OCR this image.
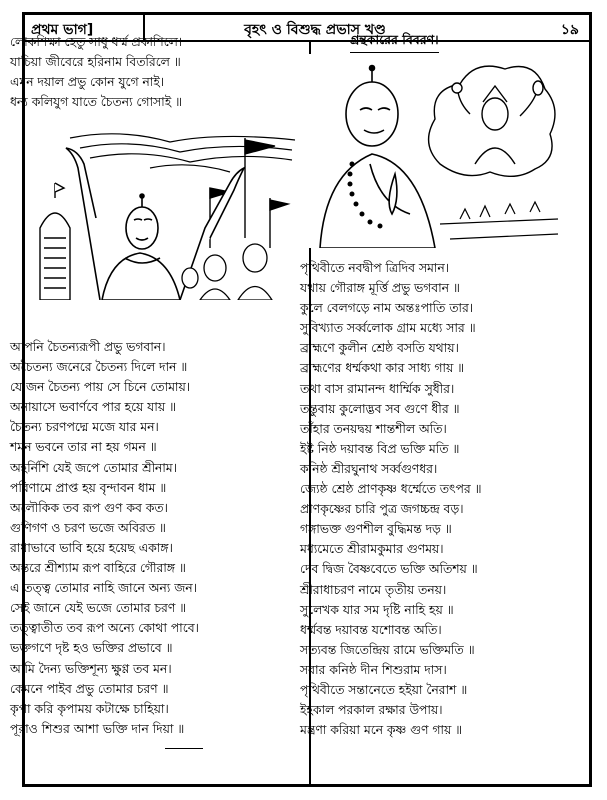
প্রথম ভাগ]	বৃহৎ ও বিশুদ্ধ প্রভাস খণ্ড	১৯
লোকশিক্ষা হেতু সাধু ধর্ম্ম প্রকাশিলে।
যাচিয়া জীবেরে হরিনাম বিতরিলে ॥
এমন দয়াল প্রভু কোন যুগে নাই।
ধন্য কলিযুগ যাতে চৈতন্য গোসাই ॥
আপনি চৈতন্যরূপী প্রভু ভগবান।
অচৈতন্য জনেরে চৈতন্য দিলে দান ॥
যে জন চৈতন্য পায় সে চিনে তোমায়।
অনায়াসে ভবার্ণবে পার হয়ে যায় ॥
চৈতন্য চরণপদ্মে মজে যার মন।
শমন ভবনে তার না হয় গমন ॥
অহর্নিশি যেই জপে তোমার শ্রীনাম।
পরিণামে প্রাপ্ত হয় বৃন্দাবন ধাম ॥
অলৌকিক তব রূপ গুণ কব কত।
গুণিগণ ও চরণ ভজে অবিরত ॥
রাধাভাবে ভাবি হয়ে হয়েছ একাঙ্গ।
অন্তরে শ্রীশ্যাম রূপ বাহিরে গৌরাঙ্গ ॥
এ তত্ত্ব তোমার নাহি জানে অন্য জন।
সেই জানে যেই ভজে তোমার চরণ ॥
তত্ত্বাতীত তব রূপ অন্যে কোথা পাবে।
ভক্তগণে দৃষ্ট হও ভক্তির প্রভাবে ॥
আমি দৈন্য ভক্তিশূন্য ক্ষুণ্ণ তব মন।
কেমনে পাইব প্রভু তোমার চরণ ॥
কৃপা করি কৃপাময় কটাক্ষে চাহিয়া।
পূরাও শিশুর আশা ভক্তি দান দিয়া ॥
গ্রন্থকারের বিবরণ।
পৃথিবীতে নবদ্বীপ ত্রিদিব সমান।
যথায় গৌরাঙ্গ মূর্ত্তি প্রভু ভগবান ॥
কুলে বেলগড়ে নাম অন্তঃপাতি তার।
সুবিখ্যাত সর্ব্বলোক গ্রাম মধ্যে সার ॥
ব্রাহ্মণে কুলীন শ্রেষ্ঠ বসতি যথায়।
ব্রাহ্মণের ধর্ম্মকথা কার সাধ্য গায় ॥
তথা বাস রামানন্দ ধার্ম্মিক সুধীর।
তন্তুবায় কুলোদ্ভব সব গুণে ধীর ॥
তাঁহার তনয়দ্বয় শান্তশীল অতি।
ইষ্ট নিষ্ঠ দয়াবন্ত বিপ্র ভক্তি মতি ॥
কনিষ্ঠ শ্রীরঘুনাথ সর্ব্বগুণধর।
জ্যেষ্ঠ শ্রেষ্ঠ প্রাণকৃষ্ণ ধর্ম্মেতে তৎপর ॥
প্রাণকৃষ্ণের চারি পুত্র জগচ্চন্দ্র বড়।
গঙ্গাভক্ত গুণশীল বুদ্ধিমন্ত দড় ॥
মধ্যমেতে শ্রীরামকুমার গুণময়।
দেব দ্বিজ বৈষ্ণবেতে ভক্তি অতিশয় ॥
শ্রীরাধাচরণ নামে তৃতীয় তনয়।
সুলেখক যার সম দৃষ্টি নাহি হয় ॥
ধর্ম্মবন্ত দয়াবন্ত যশোবন্ত অতি।
সত্যবন্ত জিতেন্দ্রিয় রামে ভক্তিমতি ॥
সবার কনিষ্ঠ দীন শিশুরাম দাস।
পৃথিবীতে সন্তানেতে হইয়া নৈরাশ ॥
ইহকাল পরকাল রক্ষার উপায়।
মন্ত্রণা করিয়া মনে কৃষ্ণ গুণ গায় ॥
